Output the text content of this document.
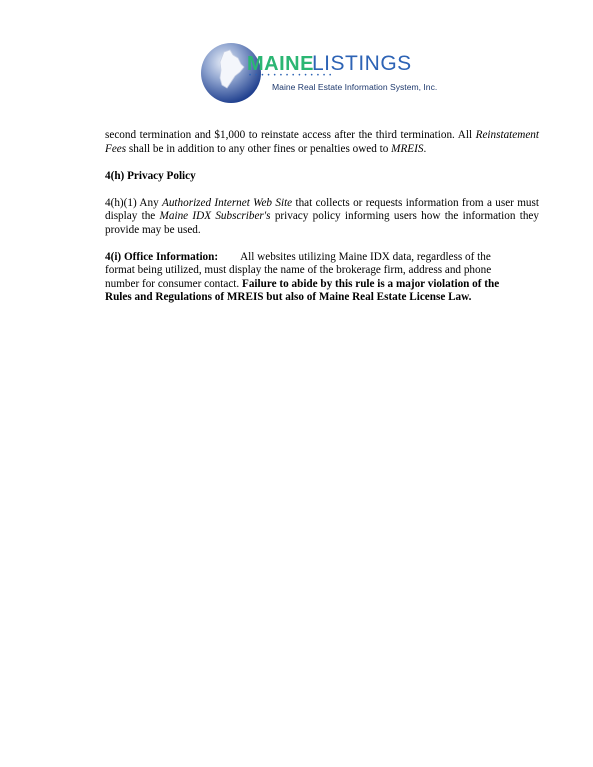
MAINE
LISTINGS
• • • • • • • • • • • • • •
Maine Real Estate Information System, Inc.

second termination and $1,000 to reinstate access after the third termination. All Reinstatement Fees shall be in addition to any other fines or penalties owed to MREIS.

4(h) Privacy Policy

4(h)(1) Any Authorized Internet Web Site that collects or requests information from a user must display the Maine IDX Subscriber's privacy policy informing users how the information they provide may be used.

4(i) Office Information: All websites utilizing Maine IDX data, regardless of the
format being utilized, must display the name of the brokerage firm, address and phone
number for consumer contact. Failure to abide by this rule is a major violation of the
Rules and Regulations of MREIS but also of Maine Real Estate License Law.
